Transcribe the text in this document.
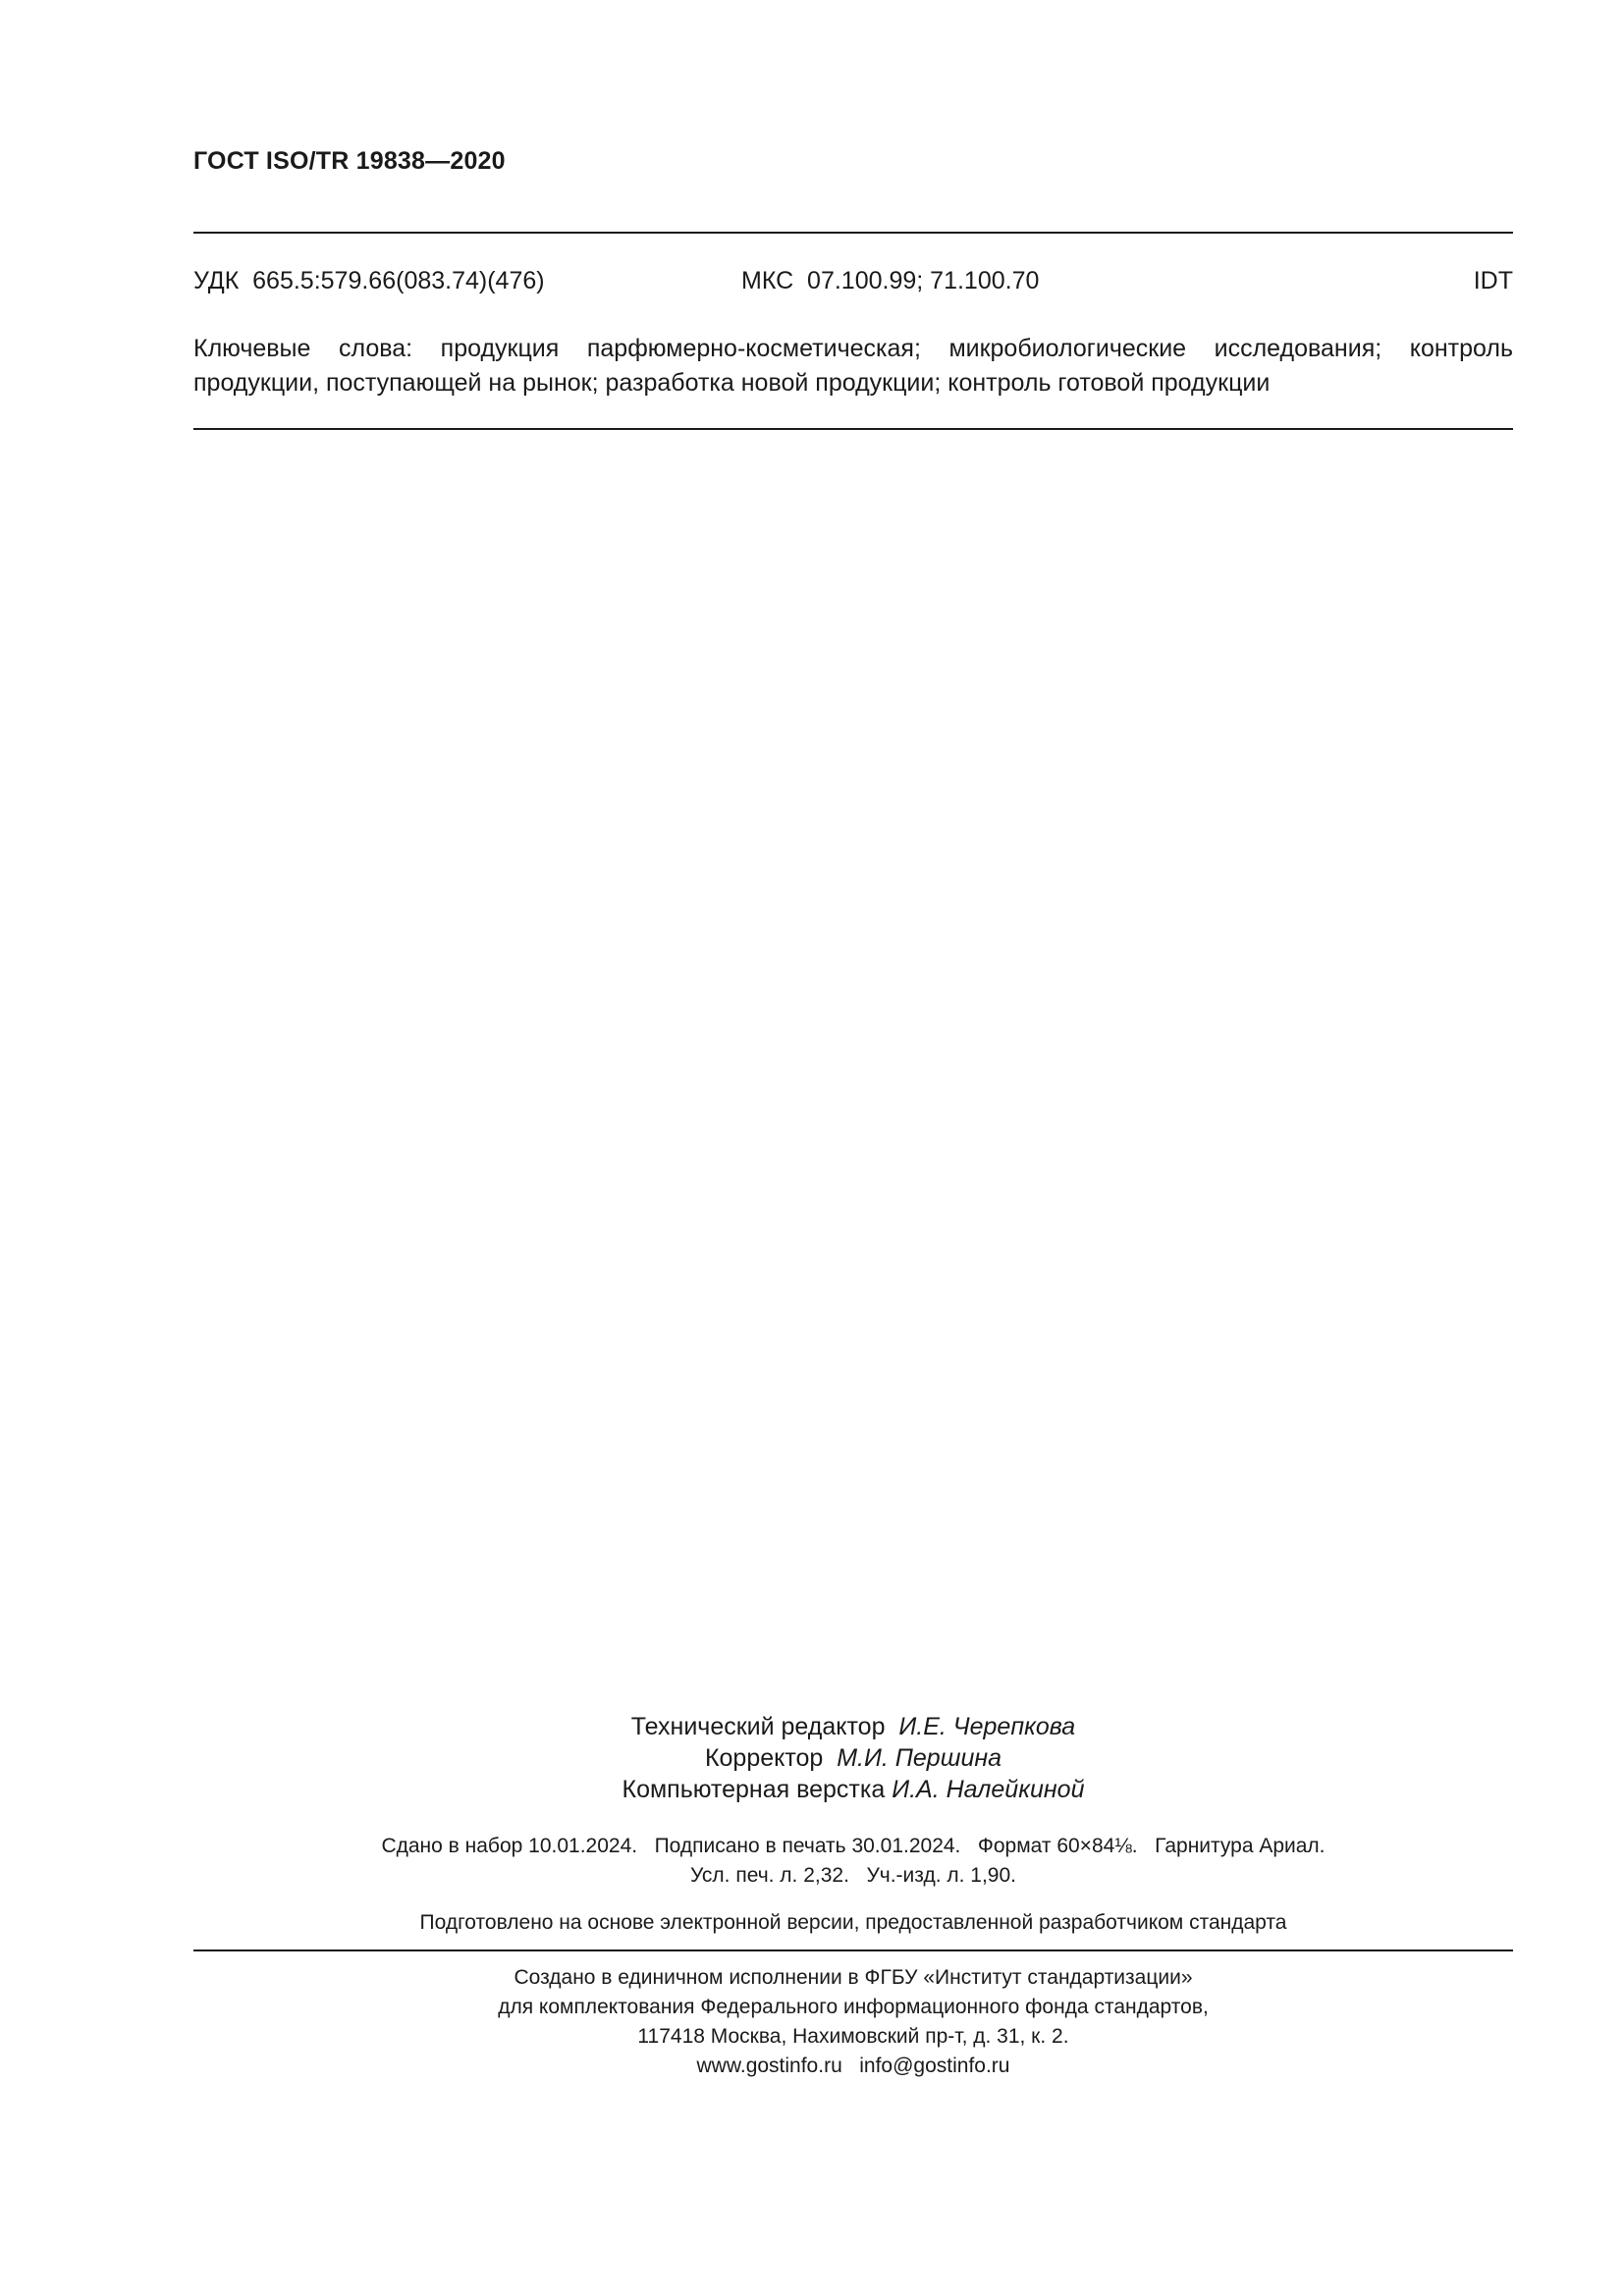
ГОСТ ISO/TR 19838—2020
УДК  665.5:579.66(083.74)(476)	МКС  07.100.99; 71.100.70	IDT
Ключевые слова: продукция парфюмерно-косметическая; микробиологические исследования; контроль продукции, поступающей на рынок; разработка новой продукции; контроль готовой продукции
Технический редактор И.Е. Черепкова
Корректор М.И. Першина
Компьютерная верстка И.А. Налейкиной
Сдано в набор 10.01.2024.   Подписано в печать 30.01.2024.   Формат 60×84⅛.   Гарнитура Ариал.
Усл. печ. л. 2,32.   Уч.-изд. л. 1,90.
Подготовлено на основе электронной версии, предоставленной разработчиком стандарта
Создано в единичном исполнении в ФГБУ «Институт стандартизации»
для комплектования Федерального информационного фонда стандартов,
117418 Москва, Нахимовский пр-т, д. 31, к. 2.
www.gostinfo.ru   info@gostinfo.ru
